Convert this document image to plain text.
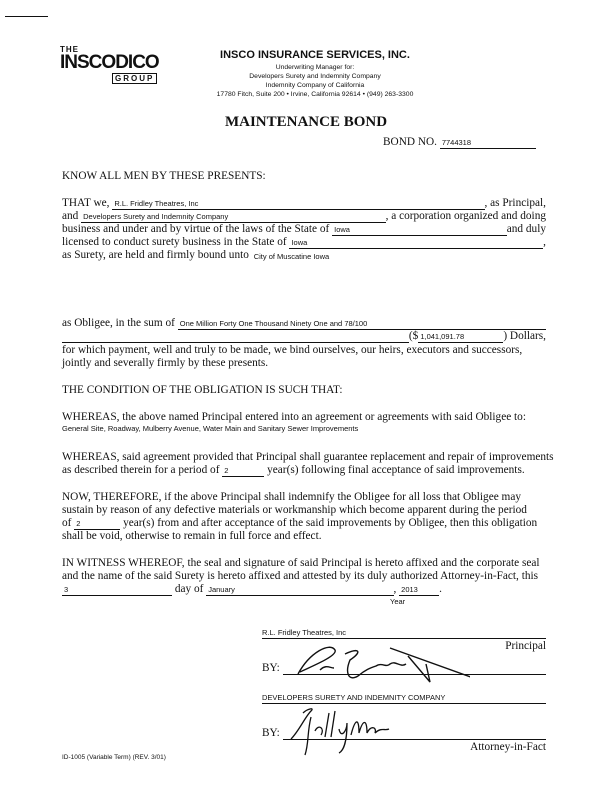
THE
INSCODICO
GROUP
INSCO INSURANCE SERVICES, INC.
Underwriting Manager for:
Developers Surety and Indemnity Company
Indemnity Company of California
17780 Fitch, Suite 200 • Irvine, California 92614 • (949) 263-3300
MAINTENANCE BOND
BOND NO.
7744318
KNOW ALL MEN BY THESE PRESENTS:
THAT we,
R.L. Fridley Theatres, Inc	, as Principal,
and
Developers Surety and Indemnity Company	, a corporation organized and doing
business and under and by virtue of the laws of the State of
Iowa	and duly
licensed to conduct surety business in the State of
Iowa	,
as Surety, are held and firmly bound unto
City of Muscatine Iowa
as Obligee, in the sum of
One Million Forty One Thousand Ninety One and 78/100
($ 1,041,091.78	) Dollars,
for which payment, well and truly to be made, we bind ourselves, our heirs, executors and successors,
jointly and severally firmly by these presents.
THE CONDITION OF THE OBLIGATION IS SUCH THAT:
WHEREAS, the above named Principal entered into an agreement or agreements with said Obligee to:
General Site, Roadway, Mulberry Avenue, Water Main and Sanitary Sewer Improvements
WHEREAS, said agreement provided that Principal shall guarantee replacement and repair of improvements
as described therein for a period of
2
	year(s) following final acceptance of said improvements.
NOW, THEREFORE, if the above Principal shall indemnify the Obligee for all loss that Obligee may
sustain by reason of any defective materials or workmanship which become apparent during the period
of
2
	year(s) from and after acceptance of the said improvements by Obligee, then this obligation
shall be void, otherwise to remain in full force and effect.
IN WITNESS WHEREOF, the seal and signature of said Principal is hereto affixed and the corporate seal
and the name of the said Surety is hereto affixed and attested by its duly authorized Attorney-in-Fact, this
3
	day of
January	,
2013 .
Year
R.L. Fridley Theatres, Inc
Principal
BY:
DEVELOPERS SURETY AND INDEMNITY COMPANY
BY:
Attorney-in-Fact
ID-1005 (Variable Term) (REV. 3/01)
